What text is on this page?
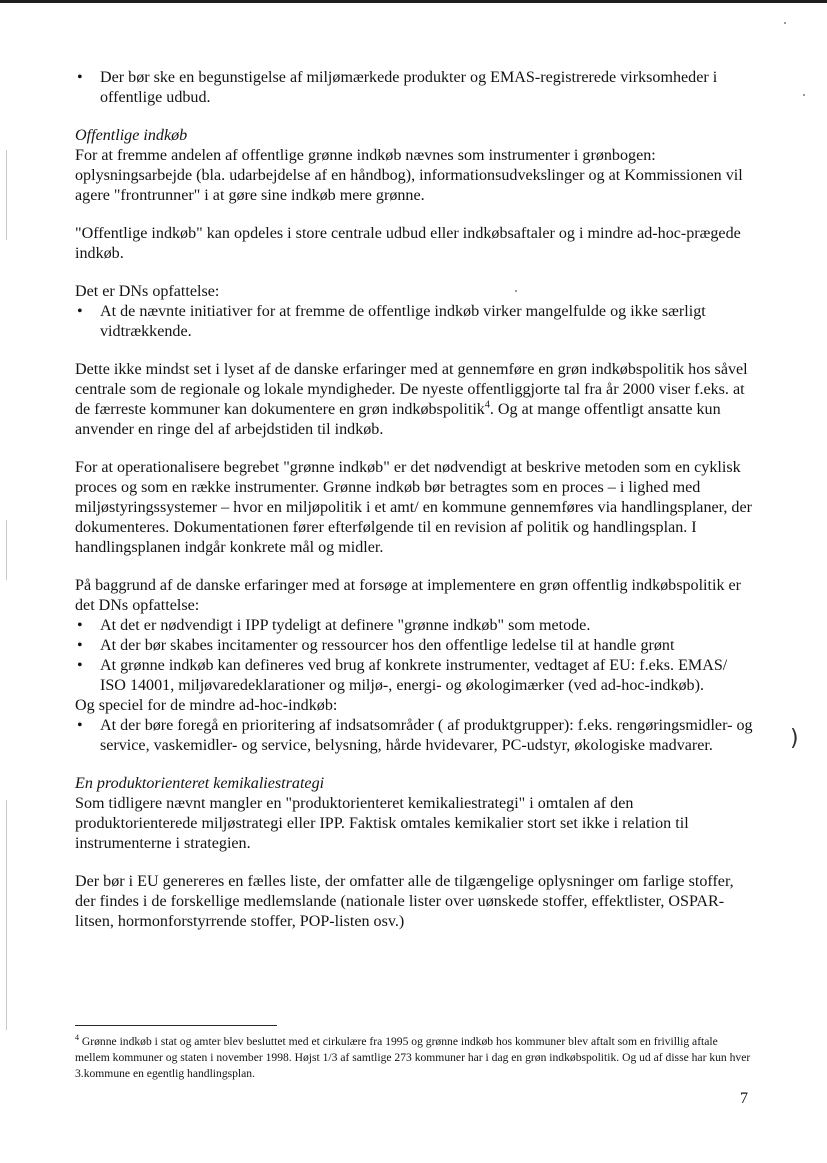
)

• Der bør ske en begunstigelse af miljømærkede produkter og EMAS-registrerede virksomheder i offentlige udbud.

Offentlige indkøb

For at fremme andelen af offentlige grønne indkøb nævnes som instrumenter i grønbogen: oplysningsarbejde (bla. udarbejdelse af en håndbog), informationsudvekslinger og at Kommissionen vil agere "frontrunner" i at gøre sine indkøb mere grønne.

"Offentlige indkøb" kan opdeles i store centrale udbud eller indkøbsaftaler og i mindre ad-hoc-prægede indkøb.

Det er DNs opfattelse:

• At de nævnte initiativer for at fremme de offentlige indkøb virker mangelfulde og ikke særligt vidtrækkende.

Dette ikke mindst set i lyset af de danske erfaringer med at gennemføre en grøn indkøbspolitik hos såvel centrale som de regionale og lokale myndigheder. De nyeste offentliggjorte tal fra år 2000 viser f.eks. at de færreste kommuner kan dokumentere en grøn indkøbspolitik$^4$. Og at mange offentligt ansatte kun anvender en ringe del af arbejdstiden til indkøb.

For at operationalisere begrebet "grønne indkøb" er det nødvendigt at beskrive metoden som en cyklisk proces og som en række instrumenter. Grønne indkøb bør betragtes som en proces – i lighed med miljøstyringssystemer – hvor en miljøpolitik i et amt/ en kommune gennemføres via handlingsplaner, der dokumenteres. Dokumentationen fører efterfølgende til en revision af politik og handlingsplan. I handlingsplanen indgår konkrete mål og midler.

På baggrund af de danske erfaringer med at forsøge at implementere en grøn offentlig indkøbspolitik er det DNs opfattelse:

• At det er nødvendigt i IPP tydeligt at definere "grønne indkøb" som metode.

• At der bør skabes incitamenter og ressourcer hos den offentlige ledelse til at handle grønt

• At grønne indkøb kan defineres ved brug af konkrete instrumenter, vedtaget af EU: f.eks. EMAS/ ISO 14001, miljøvaredeklarationer og miljø-, energi- og økologimærker (ved ad-hoc-indkøb).

Og speciel for de mindre ad-hoc-indkøb:

• At der børe foregå en prioritering af indsatsområder ( af produktgrupper): f.eks. rengøringsmidler- og service, vaskemidler- og service, belysning, hårde hvidevarer, PC-udstyr, økologiske madvarer.

En produktorienteret kemikaliestrategi

Som tidligere nævnt mangler en "produktorienteret kemikaliestrategi" i omtalen af den produktorienterede miljøstrategi eller IPP. Faktisk omtales kemikalier stort set ikke i relation til instrumenterne i strategien.

Der bør i EU genereres en fælles liste, der omfatter alle de tilgængelige oplysninger om farlige stoffer, der findes i de forskellige medlemslande (nationale lister over uønskede stoffer, effektlister, OSPAR-litsen, hormonforstyrrende stoffer, POP-listen osv.)

$^4$ Grønne indkøb i stat og amter blev besluttet med et cirkulære fra 1995 og grønne indkøb hos kommuner blev aftalt som en frivillig aftale mellem kommuner og staten i november 1998. Højst 1/3 af samtlige 273 kommuner har i dag en grøn indkøbspolitik. Og ud af disse har kun hver 3.kommune en egentlig handlingsplan.

7
